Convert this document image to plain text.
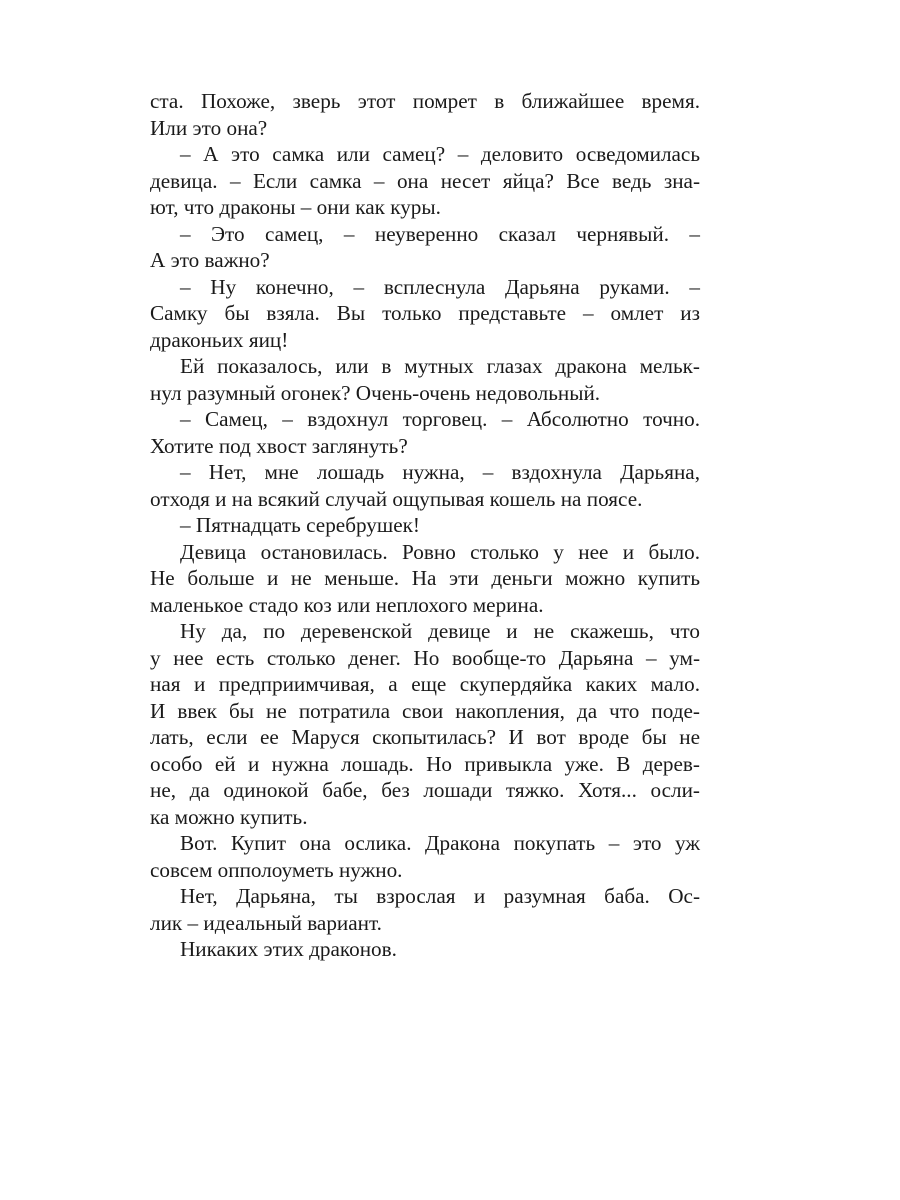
ста. Похоже, зверь этот помрет в ближайшее время.
Или это она?
– А это самка или самец? – деловито осведомилась
девица. – Если самка – она несет яйца? Все ведь зна-
ют, что драконы – они как куры.
– Это самец, – неуверенно сказал чернявый. –
А это важно?
– Ну конечно, – всплеснула Дарьяна руками. –
Самку бы взяла. Вы только представьте – омлет из
драконьих яиц!
Ей показалось, или в мутных глазах дракона мельк-
нул разумный огонек? Очень-очень недовольный.
– Самец, – вздохнул торговец. – Абсолютно точно.
Хотите под хвост заглянуть?
– Нет, мне лошадь нужна, – вздохнула Дарьяна,
отходя и на всякий случай ощупывая кошель на поясе.
– Пятнадцать серебрушек!
Девица остановилась. Ровно столько у нее и было.
Не больше и не меньше. На эти деньги можно купить
маленькое стадо коз или неплохого мерина.
Ну да, по деревенской девице и не скажешь, что
у нее есть столько денег. Но вообще-то Дарьяна – ум-
ная и предприимчивая, а еще скупердяйка каких мало.
И ввек бы не потратила свои накопления, да что поде-
лать, если ее Маруся скопытилась? И вот вроде бы не
особо ей и нужна лошадь. Но привыкла уже. В дерев-
не, да одинокой бабе, без лошади тяжко. Хотя... осли-
ка можно купить.
Вот. Купит она ослика. Дракона покупать – это уж
совсем опполоуметь нужно.
Нет, Дарьяна, ты взрослая и разумная баба. Ос-
лик – идеальный вариант.
Никаких этих драконов.
